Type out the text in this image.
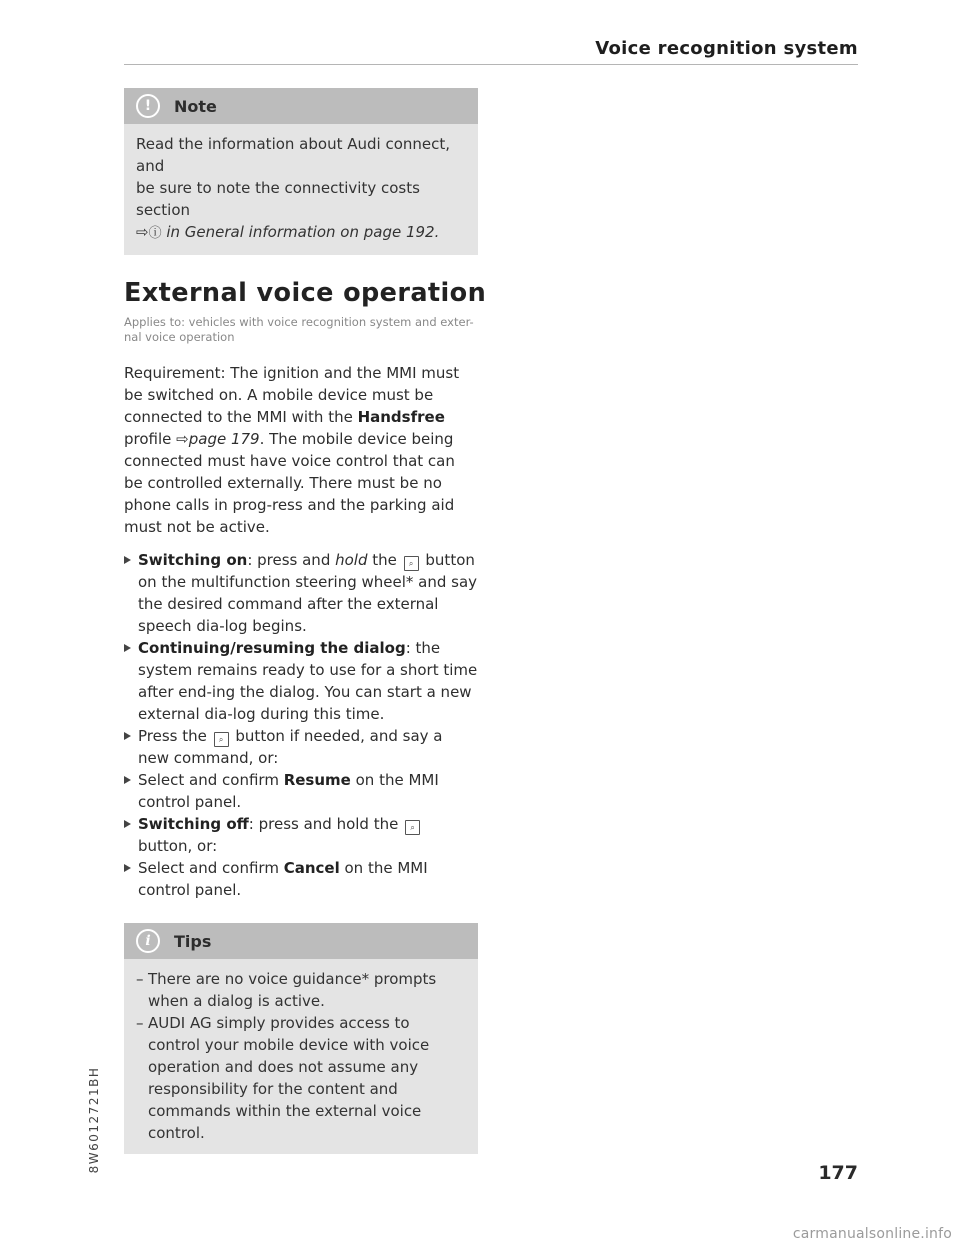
Voice recognition system
!	Note

Read the information about Audi connect, and

be sure to note the connectivity costs section

⇨ⓘ in General information on page 192.

External voice operation
Applies to: vehicles with voice recognition system and exter-
nal voice operation

Requirement: The ignition and the MMI must be switched on. A mobile device must be connected to the MMI with the Handsfree profile ⇨page 179. The mobile device being connected must have voice control that can be controlled externally. There must be no phone calls in prog-ress and the parking aid must not be active.

Switching on: press and hold the ⌕ button on the multifunction steering wheel* and say the desired command after the external speech dia-log begins.
Continuing/resuming the dialog: the system remains ready to use for a short time after end-ing the dialog. You can start a new external dia-log during this time.
Press the ⌕ button if needed, and say a new command, or:
Select and confirm Resume on the MMI control panel.
Switching off: press and hold the ⌕ button, or:
Select and confirm Cancel on the MMI control panel.
i	Tips
– There are no voice guidance* prompts when a dialog is active.
– AUDI AG simply provides access to control your mobile device with voice operation and does not assume any responsibility for the content and commands within the external voice control.
8W6012721BH	177
carmanualsonline.info
